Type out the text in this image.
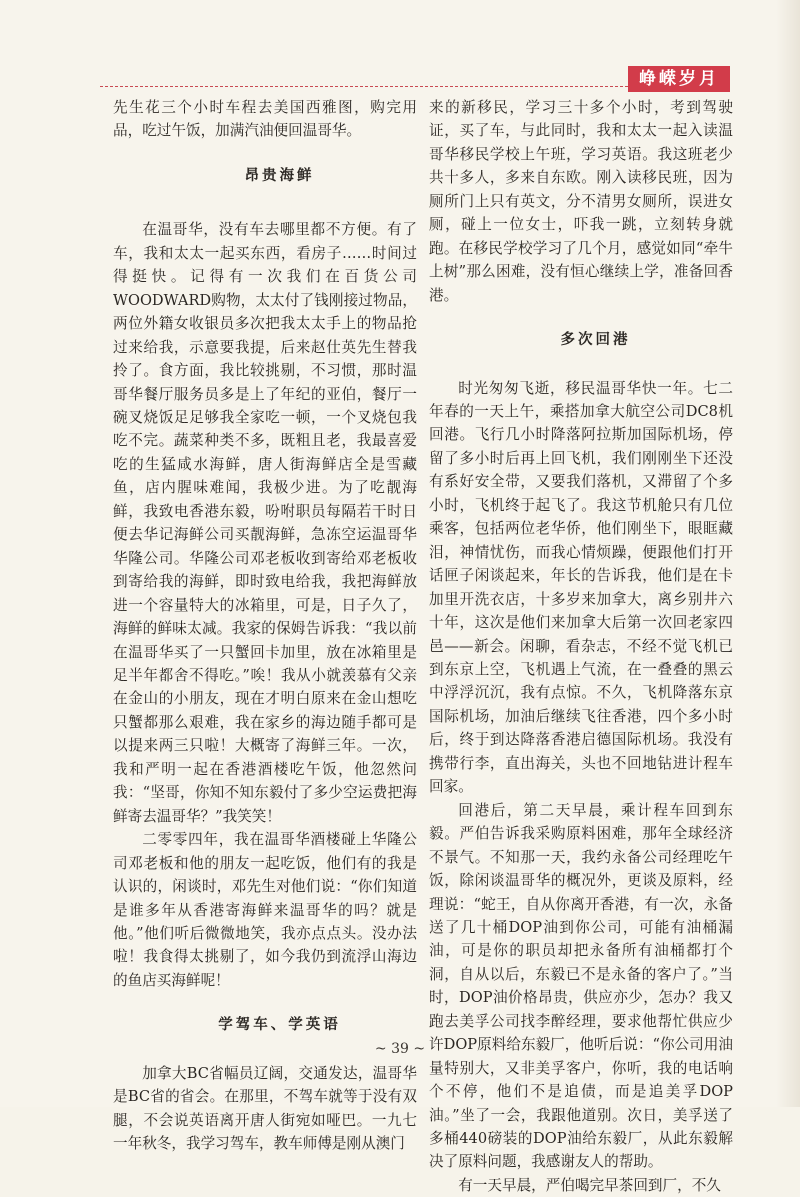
峥嵘岁月

先生花三个小时车程去美国西雅图，购完用品，吃过午饭，加满汽油便回温哥华。

昂贵海鲜

在温哥华，没有车去哪里都不方便。有了车，我和太太一起买东西，看房子……时间过得挺快。记得有一次我们在百货公司WOODWARD购物，太太付了钱刚接过物品，两位外籍女收银员多次把我太太手上的物品抢过来给我，示意要我提，后来赵仕英先生替我拎了。食方面，我比较挑剔，不习惯，那时温哥华餐厅服务员多是上了年纪的亚伯，餐厅一碗叉烧饭足足够我全家吃一顿，一个叉烧包我吃不完。蔬菜种类不多，既粗且老，我最喜爱吃的生猛咸水海鲜，唐人街海鲜店全是雪藏鱼，店内腥味难闻，我极少进。为了吃靓海鲜，我致电香港东毅，吩咐职员每隔若干时日便去华记海鲜公司买靓海鲜，急冻空运温哥华华隆公司。华隆公司邓老板收到寄给邓老板收到寄给我的海鲜，即时致电给我，我把海鲜放进一个容量特大的冰箱里，可是，日子久了，海鲜的鲜味太减。我家的保姆告诉我：“我以前在温哥华买了一只蟹回卡加里，放在冰箱里是足半年都舍不得吃。”唉！我从小就羡慕有父亲在金山的小朋友，现在才明白原来在金山想吃只蟹都那么艰难，我在家乡的海边随手都可是以提来两三只啦！大概寄了海鲜三年。一次，我和严明一起在香港酒楼吃午饭，他忽然问我：“坚哥，你知不知东毅付了多少空运费把海鲜寄去温哥华？”我笑笑！

二零零四年，我在温哥华酒楼碰上华隆公司邓老板和他的朋友一起吃饭，他们有的我是认识的，闲谈时，邓先生对他们说：“你们知道是谁多年从香港寄海鲜来温哥华的吗？就是他。”他们听后微微地笑，我亦点点头。没办法啦！我食得太挑剔了，如今我仍到流浮山海边的鱼店买海鲜呢！

学驾车、学英语

加拿大BC省幅员辽阔，交通发达，温哥华是BC省的省会。在那里，不驾车就等于没有双腿，不会说英语离开唐人街宛如哑巴。一九七一年秋冬，我学习驾车，教车师傅是刚从澳门

来的新移民，学习三十多个小时，考到驾驶证，买了车，与此同时，我和太太一起入读温哥华移民学校上午班，学习英语。我这班老少共十多人，多来自东欧。刚入读移民班，因为厕所门上只有英文，分不清男女厕所，误进女厕，碰上一位女士，吓我一跳，立刻转身就跑。在移民学校学习了几个月，感觉如同“牵牛上树”那么困难，没有恒心继续上学，准备回香港。

多次回港

时光匆匆飞逝，移民温哥华快一年。七二年春的一天上午，乘搭加拿大航空公司DC8机回港。飞行几小时降落阿拉斯加国际机场，停留了多小时后再上回飞机，我们刚刚坐下还没有系好安全带，又要我们落机，又滞留了个多小时，飞机终于起飞了。我这节机舱只有几位乘客，包括两位老华侨，他们刚坐下，眼眶藏泪，神情忧伤，而我心情烦躁，便跟他们打开话匣子闲谈起来，年长的告诉我，他们是在卡加里开洗衣店，十多岁来加拿大，离乡别井六十年，这次是他们来加拿大后第一次回老家四邑——新会。闲聊，看杂志，不经不觉飞机已到东京上空，飞机遇上气流，在一叠叠的黑云中浮浮沉沉，我有点惊。不久，飞机降落东京国际机场，加油后继续飞往香港，四个多小时后，终于到达降落香港启德国际机场。我没有携带行李，直出海关，头也不回地钻进计程车回家。

回港后，第二天早晨，乘计程车回到东毅。严伯告诉我采购原料困难，那年全球经济不景气。不知那一天，我约永备公司经理吃午饭，除闲谈温哥华的概况外，更谈及原料，经理说：“蛇王，自从你离开香港，有一次，永备送了几十桶DOP油到你公司，可能有油桶漏油，可是你的职员却把永备所有油桶都打个洞，自从以后，东毅已不是永备的客户了。”当时，DOP油价格昂贵，供应亦少，怎办？我又跑去美孚公司找李醉经理，要求他帮忙供应少许DOP原料给东毅厂，他听后说：“你公司用油量特别大，又非美孚客户，你听，我的电话响个不停，他们不是追债，而是追美孚DOP油。”坐了一会，我跟他道别。次日，美孚送了多桶440磅装的DOP油给东毅厂，从此东毅解决了原料问题，我感谢友人的帮助。

有一天早晨，严伯喝完早茶回到厂，不久

~ 39 ~
